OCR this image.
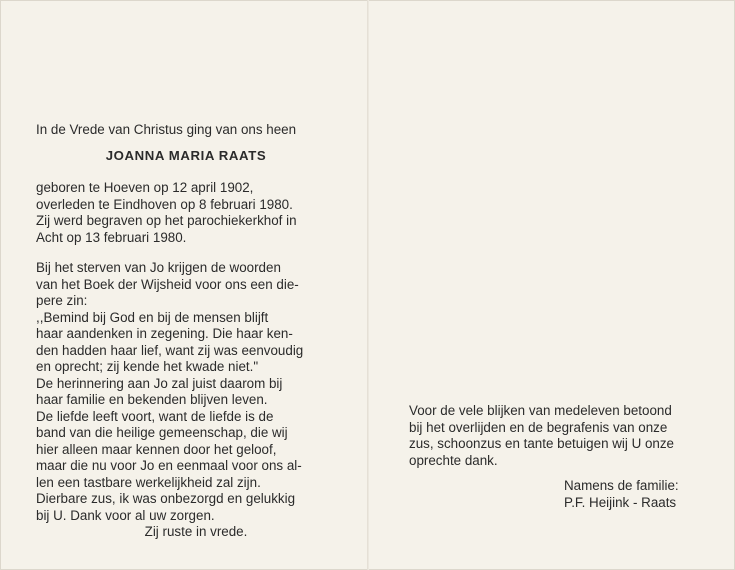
In de Vrede van Christus ging van ons heen

JOANNA MARIA RAATS

geboren te Hoeven op 12 april 1902,
overleden te Eindhoven op 8 februari 1980.
Zij werd begraven op het parochiekerkhof in
Acht op 13 februari 1980.
Bij het sterven van Jo krijgen de woorden
van het Boek der Wijsheid voor ons een die-
pere zin:
,,Bemind bij God en bij de mensen blijft
haar aandenken in zegening. Die haar ken-
den hadden haar lief, want zij was eenvoudig
en oprecht; zij kende het kwade niet."
De herinnering aan Jo zal juist daarom bij
haar familie en bekenden blijven leven.
De liefde leeft voort, want de liefde is de
band van die heilige gemeenschap, die wij
hier alleen maar kennen door het geloof,
maar die nu voor Jo en eenmaal voor ons al-
len een tastbare werkelijkheid zal zijn.
Dierbare zus, ik was onbezorgd en gelukkig
bij U. Dank voor al uw zorgen.
Zij ruste in vrede.
Voor de vele blijken van medeleven betoond
bij het overlijden en de begrafenis van onze
zus, schoonzus en tante betuigen wij U onze
oprechte dank.
Namens de familie:
P.F. Heijink - Raats
